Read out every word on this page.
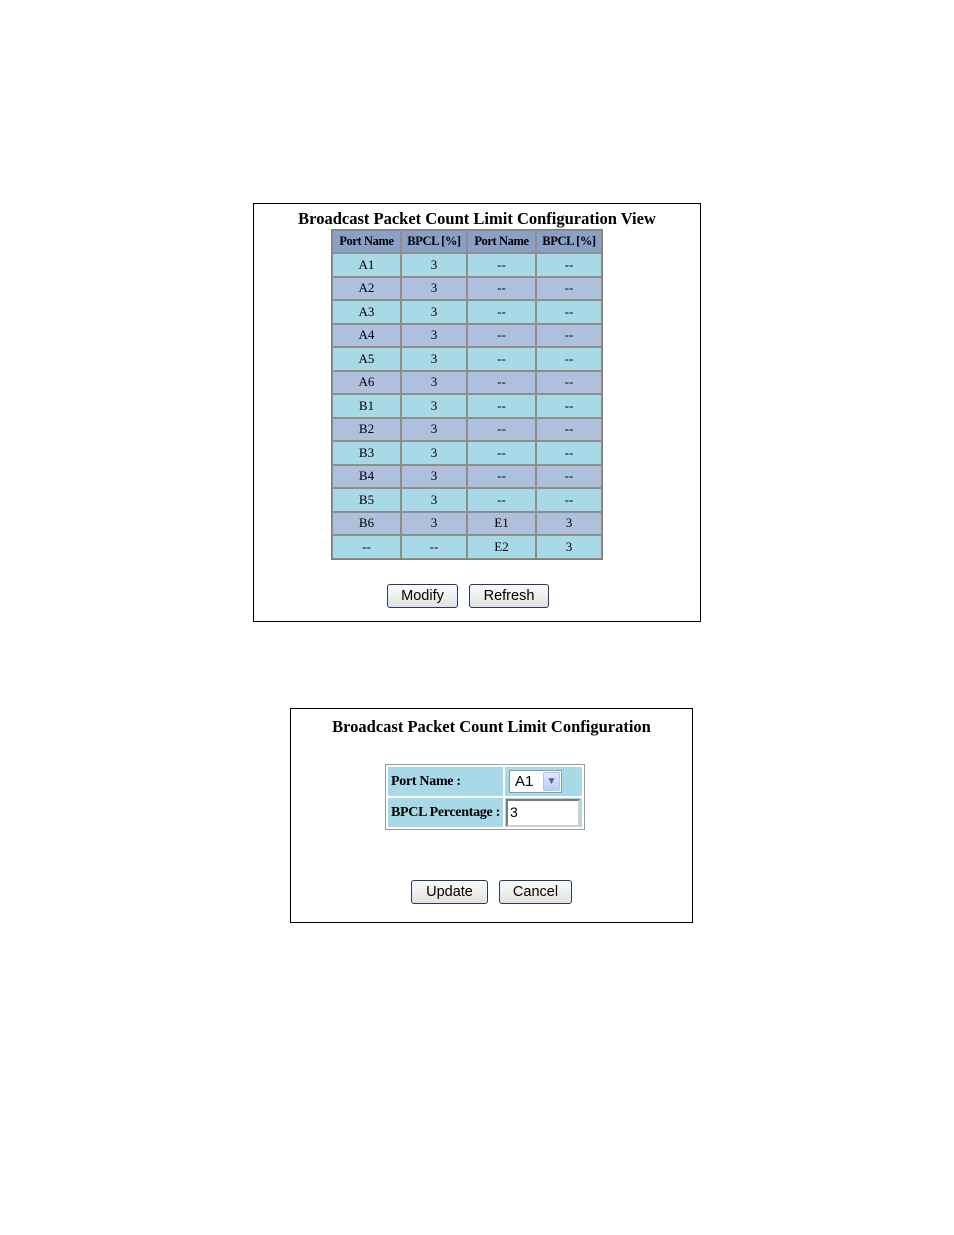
Broadcast Packet Count Limit Configuration View
Port Name	BPCL [%]	Port Name	BPCL [%]
A1	3	--	--
A2	3	--	--
A3	3	--	--
A4	3	--	--
A5	3	--	--
A6	3	--	--
B1	3	--	--
B2	3	--	--
B3	3	--	--
B4	3	--	--
B5	3	--	--
B6	3	E1	3
--	--	E2	3
Modify	Refresh
Broadcast Packet Count Limit Configuration
Port Name :	A1 ▼

BPCL Percentage :	3
Update	Cancel
